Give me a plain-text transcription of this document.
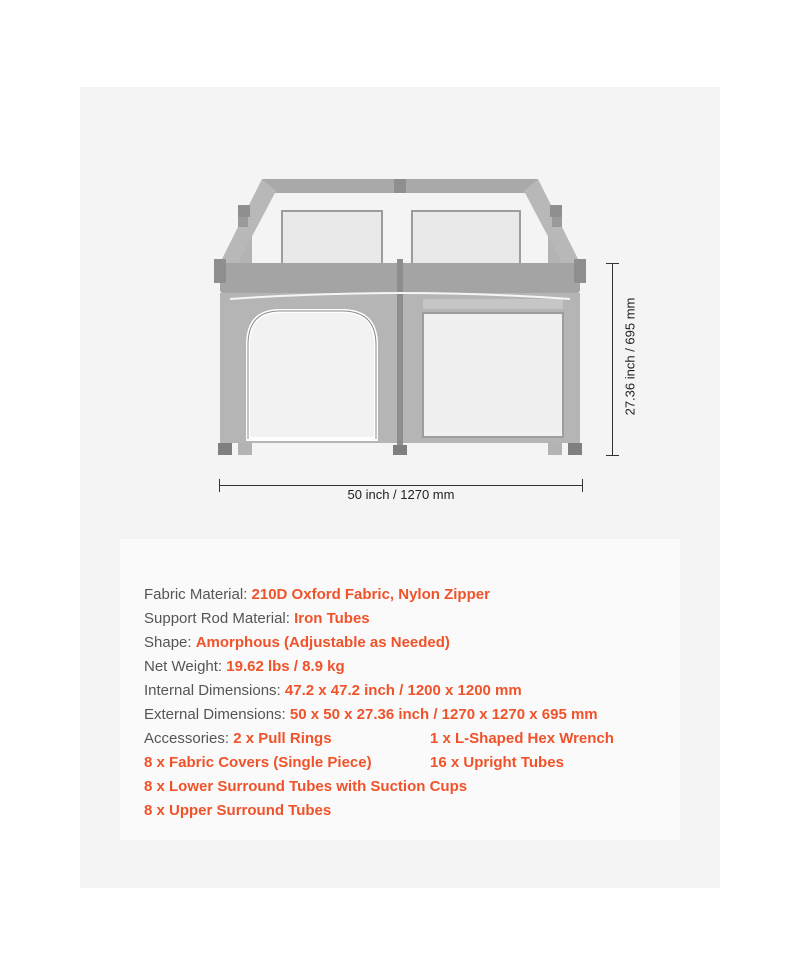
50 inch / 1270 mm
27.36 inch / 695 mm
Fabric Material: 210D Oxford Fabric, Nylon Zipper
Support Rod Material: Iron Tubes
Shape: Amorphous (Adjustable as Needed)
Net Weight: 19.62 lbs / 8.9 kg
Internal Dimensions: 47.2 x 47.2 inch / 1200 x 1200 mm
External Dimensions: 50 x 50 x 27.36 inch / 1270 x 1270 x 695 mm
Accessories: 2 x Pull Rings	1 x L-Shaped Hex Wrench
8 x Fabric Covers (Single Piece)	16 x Upright Tubes
8 x Lower Surround Tubes with Suction Cups
8 x Upper Surround Tubes
